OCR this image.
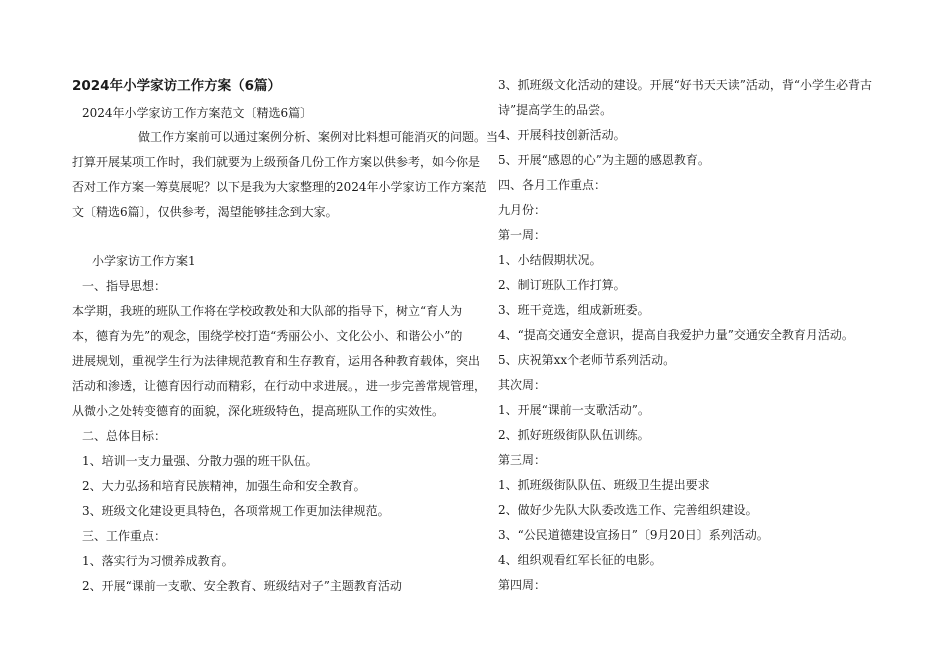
2024年小学家访工作方案（6篇）
2024年小学家访工作方案范文〔精选6篇〕
做工作方案前可以通过案例分析、案例对比料想可能消灭的问题。当
打算开展某项工作时，我们就要为上级预备几份工作方案以供参考，如今你是
否对工作方案一筹莫展呢？以下是我为大家整理的2024年小学家访工作方案范
文〔精选6篇〕，仅供参考，渴望能够挂念到大家。
小学家访工作方案1
一、指导思想：
本学期，我班的班队工作将在学校政教处和大队部的指导下，树立“育人为
本，德育为先”的观念，围绕学校打造“秀丽公小、文化公小、和谐公小”的
进展规划，重视学生行为法律规范教育和生存教育，运用各种教育载体，突出
活动和渗透，让德育因行动而精彩，在行动中求进展。，进一步完善常规管理，
从微小之处转变德育的面貌，深化班级特色，提高班队工作的实效性。
二、总体目标：
1、培训一支力量强、分散力强的班干队伍。
2、大力弘扬和培育民族精神，加强生命和安全教育。
3、班级文化建设更具特色，各项常规工作更加法律规范。
三、工作重点：
1、落实行为习惯养成教育。
2、开展“课前一支歌、安全教育、班级结对子”主题教育活动
3、抓班级文化活动的建设。开展“好书天天读”活动，背“小学生必背古
诗”提高学生的品尝。
4、开展科技创新活动。
5、开展“感恩的心”为主题的感恩教育。
四、各月工作重点：
九月份：
第一周：
1、小结假期状况。
2、制订班队工作打算。
3、班干竞选，组成新班委。
4、“提高交通安全意识，提高自我爱护力量”交通安全教育月活动。
5、庆祝第xx个老师节系列活动。
其次周：
1、开展“课前一支歌活动”。
2、抓好班级街队队伍训练。
第三周：
1、抓班级街队队伍、班级卫生提出要求
2、做好少先队大队委改选工作、完善组织建设。
3、“公民道德建设宣扬日”〔9月20日〕系列活动。
4、组织观看红军长征的电影。
第四周：
